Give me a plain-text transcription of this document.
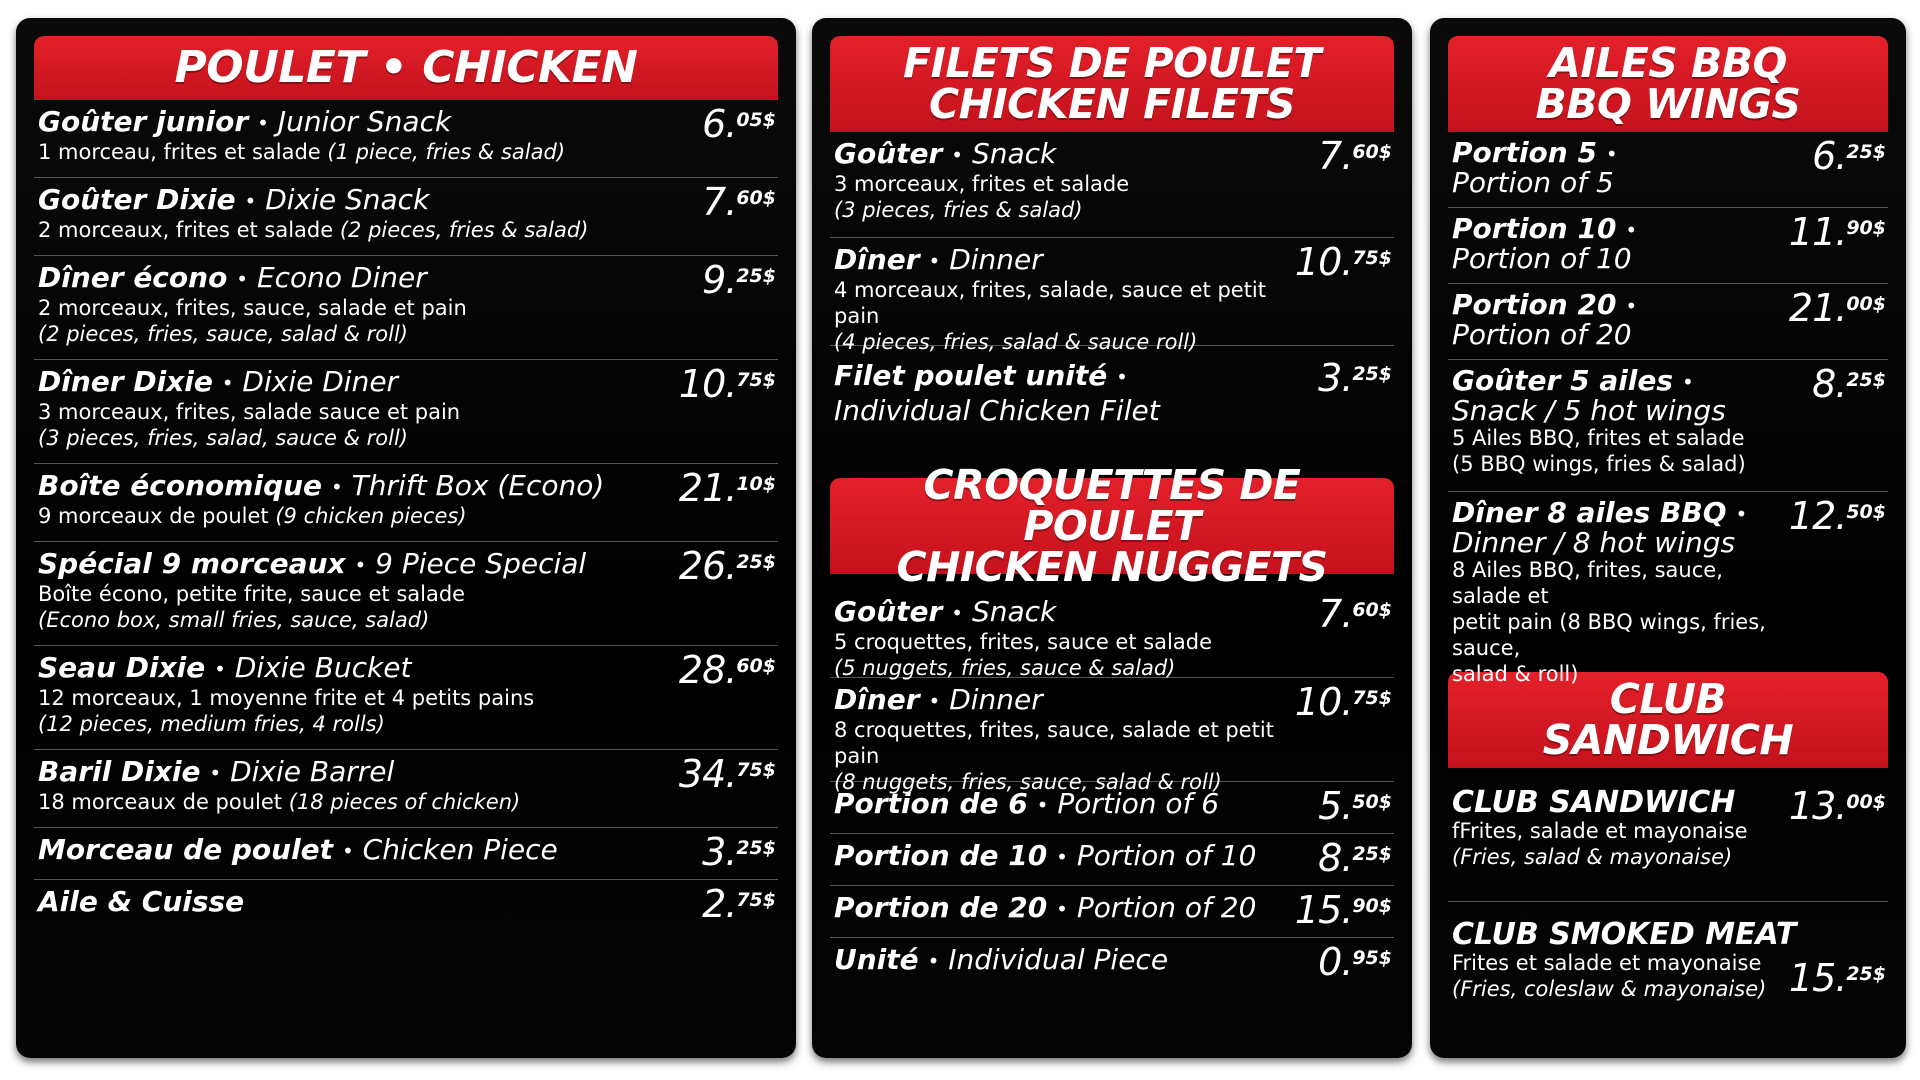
POULET • CHICKEN
Goûter junior • Junior Snack
1 morceau, frites et salade (1 piece, fries & salad)
6.$^{05\$}$
Goûter Dixie • Dixie Snack
2 morceaux, frites et salade (2 pieces, fries & salad)
7.$^{60\$}$
Dîner écono • Econo Diner
2 morceaux, frites, sauce, salade et pain
(2 pieces, fries, sauce, salad & roll)
9.$^{25\$}$
Dîner Dixie • Dixie Diner
3 morceaux, frites, salade sauce et pain
(3 pieces, fries, salad, sauce & roll)
10.$^{75\$}$
Boîte économique • Thrift Box (Econo)
9 morceaux de poulet (9 chicken pieces)
21.$^{10\$}$
Spécial 9 morceaux • 9 Piece Special
Boîte écono, petite frite, sauce et salade
(Econo box, small fries, sauce, salad)
26.$^{25\$}$
Seau Dixie • Dixie Bucket
12 morceaux, 1 moyenne frite et 4 petits pains
(12 pieces, medium fries, 4 rolls)
28.$^{60\$}$
Baril Dixie • Dixie Barrel
18 morceaux de poulet (18 pieces of chicken)
34.$^{75\$}$
Morceau de poulet • Chicken Piece	3.$^{25\$}$
Aile & Cuisse	2.$^{75\$}$
FILETS DE POULET
CHICKEN FILETS
Goûter • Snack
3 morceaux, frites et salade
(3 pieces, fries & salad)
7.$^{60\$}$
Dîner • Dinner
4 morceaux, frites, salade, sauce et petit pain
(4 pieces, fries, salad & sauce roll)
10.$^{75\$}$
Filet poulet unité •
Individual Chicken Filet
3.$^{25\$}$
CROQUETTES DE POULET
CHICKEN NUGGETS
Goûter • Snack
5 croquettes, frites, sauce et salade
(5 nuggets, fries, sauce & salad)
7.$^{60\$}$
Dîner • Dinner
8 croquettes, frites, sauce, salade et petit pain
(8 nuggets, fries, sauce, salad & roll)
10.$^{75\$}$
Portion de 6 • Portion of 6	5.$^{50\$}$
Portion de 10 • Portion of 10	8.$^{25\$}$
Portion de 20 • Portion of 20	15.$^{90\$}$
Unité • Individual Piece	0.$^{95\$}$
AILES BBQ
BBQ WINGS
Portion 5 •
Portion of 5
6.$^{25\$}$
Portion 10 •
Portion of 10
11.$^{90\$}$
Portion 20 •
Portion of 20
21.$^{00\$}$
Goûter 5 ailes •
Snack / 5 hot wings
5 Ailes BBQ, frites et salade
(5 BBQ wings, fries & salad)
8.$^{25\$}$
Dîner 8 ailes BBQ •
Dinner / 8 hot wings
8 Ailes BBQ, frites, sauce, salade et
petit pain (8 BBQ wings, fries, sauce,
salad & roll)
12.$^{50\$}$
CLUB
SANDWICH
CLUB SANDWICH
fFrites, salade et mayonaise
(Fries, salad & mayonaise)
13.$^{00\$}$
CLUB SMOKED MEAT
Frites et salade et mayonaise
(Fries, coleslaw & mayonaise) 15.$^{25\$}$
